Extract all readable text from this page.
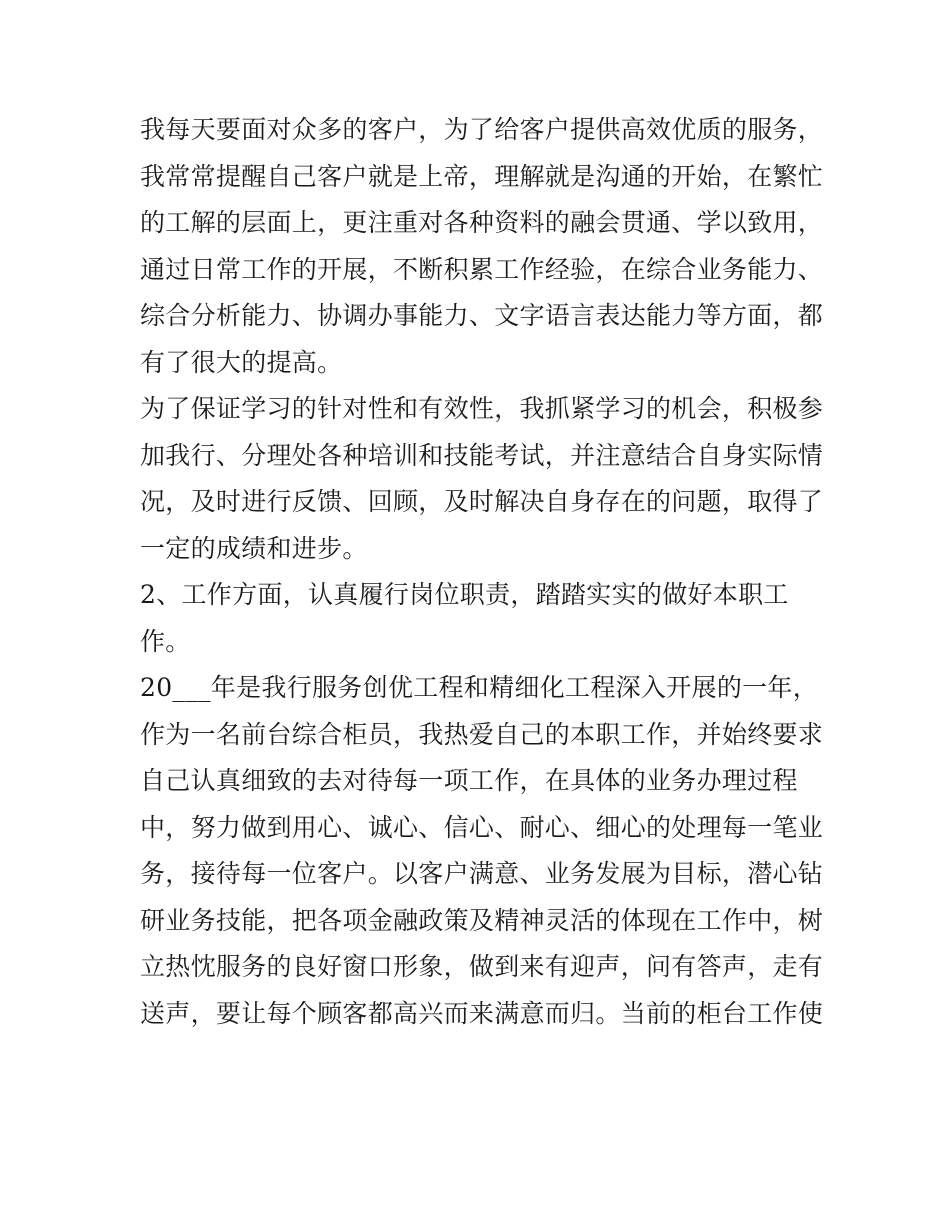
我每天要面对众多的客户，为了给客户提供高效优质的服务，
我常常提醒自己客户就是上帝，理解就是沟通的开始，在繁忙
的工解的层面上，更注重对各种资料的融会贯通、学以致用，
通过日常工作的开展，不断积累工作经验，在综合业务能力、
综合分析能力、协调办事能力、文字语言表达能力等方面，都
有了很大的提高。
为了保证学习的针对性和有效性，我抓紧学习的机会，积极参
加我行、分理处各种培训和技能考试，并注意结合自身实际情
况，及时进行反馈、回顾，及时解决自身存在的问题，取得了
一定的成绩和进步。
2、工作方面，认真履行岗位职责，踏踏实实的做好本职工
作。
20___年是我行服务创优工程和精细化工程深入开展的一年，
作为一名前台综合柜员，我热爱自己的本职工作，并始终要求
自己认真细致的去对待每一项工作，在具体的业务办理过程
中，努力做到用心、诚心、信心、耐心、细心的处理每一笔业
务，接待每一位客户。以客户满意、业务发展为目标，潜心钻
研业务技能，把各项金融政策及精神灵活的体现在工作中，树
立热忱服务的良好窗口形象，做到来有迎声，问有答声，走有
送声，要让每个顾客都高兴而来满意而归。当前的柜台工作使
